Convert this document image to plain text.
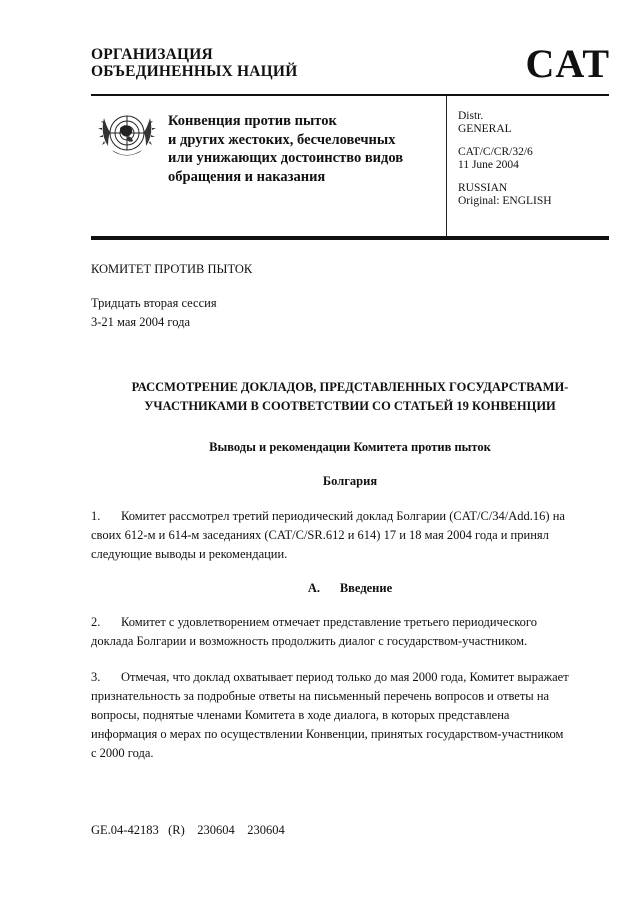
ОРГАНИЗАЦИЯ
ОБЪЕДИНЕННЫХ НАЦИЙ	CAT
Конвенция против пыток
и других жестоких, бесчеловечных
или унижающих достоинство видов
обращения и наказания
Distr.
GENERAL
CAT/C/CR/32/6
11 June 2004
RUSSIAN
Original: ENGLISH
КОМИТЕТ ПРОТИВ ПЫТОК
Тридцать вторая сессия
3-21 мая 2004 года
РАССМОТРЕНИЕ ДОКЛАДОВ, ПРЕДСТАВЛЕННЫХ ГОСУДАРСТВАМИ-
УЧАСТНИКАМИ В СООТВЕТСТВИИ СО СТАТЬЕЙ 19 КОНВЕНЦИИ
Выводы и рекомендации Комитета против пыток
Болгария
1. Комитет рассмотрел третий периодический доклад Болгарии (CAT/C/34/Add.16) на
своих 612-м и 614-м заседаниях (CAT/C/SR.612 и 614) 17 и 18 мая 2004 года и принял
следующие выводы и рекомендации.
A. Введение
2. Комитет с удовлетворением отмечает представление третьего периодического
доклада Болгарии и возможность продолжить диалог с государством-участником.
3. Отмечая, что доклад охватывает период только до мая 2000 года, Комитет выражает
признательность за подробные ответы на письменный перечень вопросов и ответы на
вопросы, поднятые членами Комитета в ходе диалога, в которых представлена
информация о мерах по осуществлении Конвенции, принятых государством-участником
с 2000 года.
GE.04-42183   (R)    230604    230604
